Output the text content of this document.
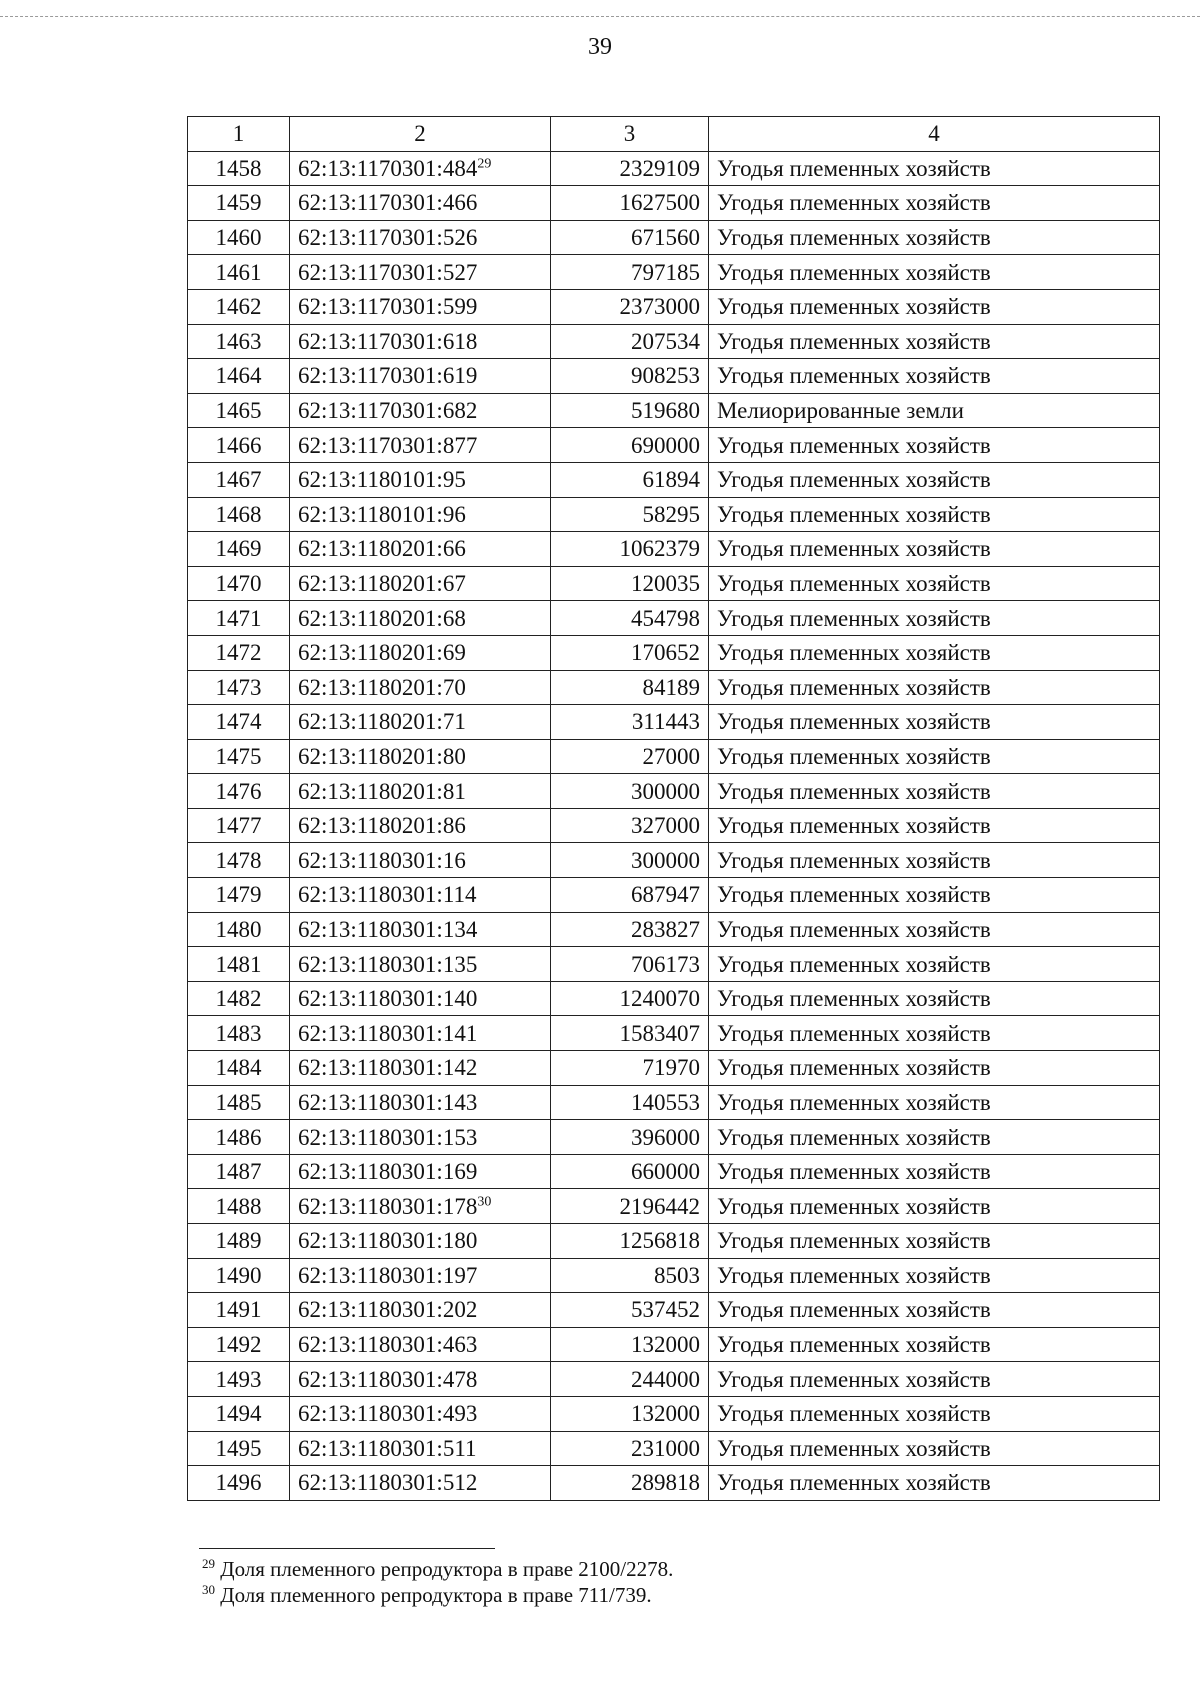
39
1	2	3	4
1458	62:13:1170301:484$^{29}$	2329109	Угодья племенных хозяйств
1459	62:13:1170301:466	1627500	Угодья племенных хозяйств
1460	62:13:1170301:526	671560	Угодья племенных хозяйств
1461	62:13:1170301:527	797185	Угодья племенных хозяйств
1462	62:13:1170301:599	2373000	Угодья племенных хозяйств
1463	62:13:1170301:618	207534	Угодья племенных хозяйств
1464	62:13:1170301:619	908253	Угодья племенных хозяйств
1465	62:13:1170301:682	519680	Мелиорированные земли
1466	62:13:1170301:877	690000	Угодья племенных хозяйств
1467	62:13:1180101:95	61894	Угодья племенных хозяйств
1468	62:13:1180101:96	58295	Угодья племенных хозяйств
1469	62:13:1180201:66	1062379	Угодья племенных хозяйств
1470	62:13:1180201:67	120035	Угодья племенных хозяйств
1471	62:13:1180201:68	454798	Угодья племенных хозяйств
1472	62:13:1180201:69	170652	Угодья племенных хозяйств
1473	62:13:1180201:70	84189	Угодья племенных хозяйств
1474	62:13:1180201:71	311443	Угодья племенных хозяйств
1475	62:13:1180201:80	27000	Угодья племенных хозяйств
1476	62:13:1180201:81	300000	Угодья племенных хозяйств
1477	62:13:1180201:86	327000	Угодья племенных хозяйств
1478	62:13:1180301:16	300000	Угодья племенных хозяйств
1479	62:13:1180301:114	687947	Угодья племенных хозяйств
1480	62:13:1180301:134	283827	Угодья племенных хозяйств
1481	62:13:1180301:135	706173	Угодья племенных хозяйств
1482	62:13:1180301:140	1240070	Угодья племенных хозяйств
1483	62:13:1180301:141	1583407	Угодья племенных хозяйств
1484	62:13:1180301:142	71970	Угодья племенных хозяйств
1485	62:13:1180301:143	140553	Угодья племенных хозяйств
1486	62:13:1180301:153	396000	Угодья племенных хозяйств
1487	62:13:1180301:169	660000	Угодья племенных хозяйств
1488	62:13:1180301:178$^{30}$	2196442	Угодья племенных хозяйств
1489	62:13:1180301:180	1256818	Угодья племенных хозяйств
1490	62:13:1180301:197	8503	Угодья племенных хозяйств
1491	62:13:1180301:202	537452	Угодья племенных хозяйств
1492	62:13:1180301:463	132000	Угодья племенных хозяйств
1493	62:13:1180301:478	244000	Угодья племенных хозяйств
1494	62:13:1180301:493	132000	Угодья племенных хозяйств
1495	62:13:1180301:511	231000	Угодья племенных хозяйств
1496	62:13:1180301:512	289818	Угодья племенных хозяйств
$^{29}$ Доля племенного репродуктора в праве 2100/2278.
$^{30}$ Доля племенного репродуктора в праве 711/739.
